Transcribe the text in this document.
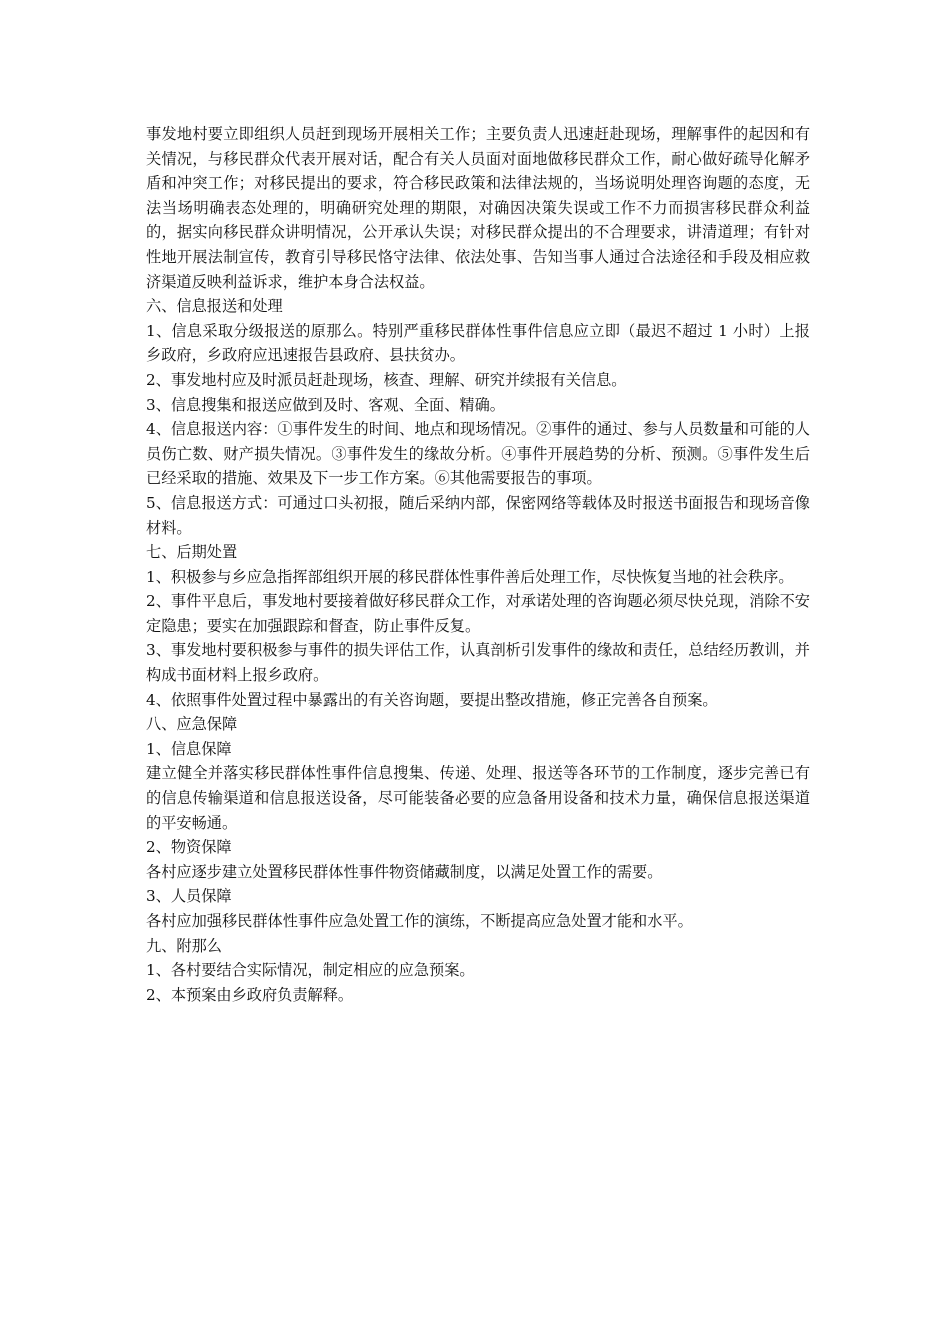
事发地村要立即组织人员赶到现场开展相关工作；主要负责人迅速赶赴现场，理解事件的起因和有关情况，与移民群众代表开展对话，配合有关人员面对面地做移民群众工作，耐心做好疏导化解矛盾和冲突工作；对移民提出的要求，符合移民政策和法律法规的，当场说明处理咨询题的态度，无法当场明确表态处理的，明确研究处理的期限，对确因决策失误或工作不力而损害移民群众利益的，据实向移民群众讲明情况，公开承认失误；对移民群众提出的不合理要求，讲清道理；有针对性地开展法制宣传，教育引导移民恪守法律、依法处事、告知当事人通过合法途径和手段及相应救济渠道反映利益诉求，维护本身合法权益。

六、信息报送和处理

1、信息采取分级报送的原那么。特别严重移民群体性事件信息应立即（最迟不超过 1 小时）上报乡政府，乡政府应迅速报告县政府、县扶贫办。

2、事发地村应及时派员赶赴现场，核查、理解、研究并续报有关信息。

3、信息搜集和报送应做到及时、客观、全面、精确。

4、信息报送内容：①事件发生的时间、地点和现场情况。②事件的通过、参与人员数量和可能的人员伤亡数、财产损失情况。③事件发生的缘故分析。④事件开展趋势的分析、预测。⑤事件发生后已经采取的措施、效果及下一步工作方案。⑥其他需要报告的事项。

5、信息报送方式：可通过口头初报，随后采纳内部，保密网络等载体及时报送书面报告和现场音像材料。

七、后期处置

1、积极参与乡应急指挥部组织开展的移民群体性事件善后处理工作，尽快恢复当地的社会秩序。

2、事件平息后，事发地村要接着做好移民群众工作，对承诺处理的咨询题必须尽快兑现，消除不安定隐患；要实在加强跟踪和督查，防止事件反复。

3、事发地村要积极参与事件的损失评估工作，认真剖析引发事件的缘故和责任，总结经历教训，并构成书面材料上报乡政府。

4、依照事件处置过程中暴露出的有关咨询题，要提出整改措施，修正完善各自预案。

八、应急保障

1、信息保障

建立健全并落实移民群体性事件信息搜集、传递、处理、报送等各环节的工作制度，逐步完善已有的信息传输渠道和信息报送设备，尽可能装备必要的应急备用设备和技术力量，确保信息报送渠道的平安畅通。

2、物资保障

各村应逐步建立处置移民群体性事件物资储藏制度，以满足处置工作的需要。

3、人员保障

各村应加强移民群体性事件应急处置工作的演练，不断提高应急处置才能和水平。

九、附那么

1、各村要结合实际情况，制定相应的应急预案。

2、本预案由乡政府负责解释。
